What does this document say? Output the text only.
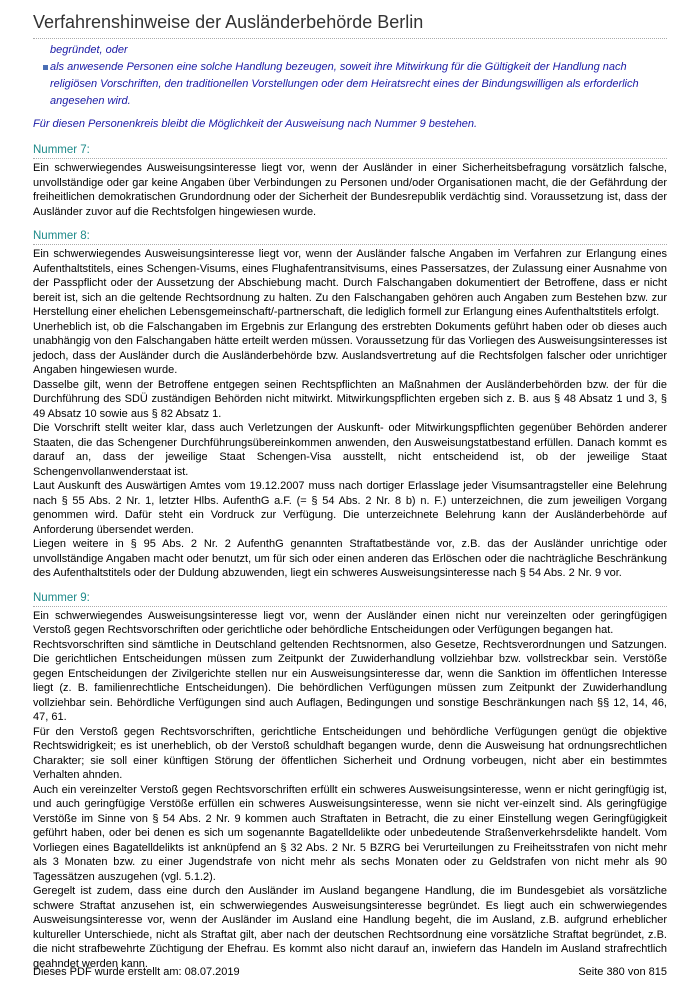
Verfahrenshinweise der Ausländerbehörde Berlin
begründet, oder
als anwesende Personen eine solche Handlung bezeugen, soweit ihre Mitwirkung für die Gültigkeit der Handlung nach religiösen Vorschriften, den traditionellen Vorstellungen oder dem Heiratsrecht eines der Bindungswilligen als erforderlich angesehen wird.
Für diesen Personenkreis bleibt die Möglichkeit der Ausweisung nach Nummer 9 bestehen.
Nummer 7:
Ein schwerwiegendes Ausweisungsinteresse liegt vor, wenn der Ausländer in einer Sicherheitsbefragung vorsätzlich falsche, unvollständige oder gar keine Angaben über Verbindungen zu Personen und/oder Organisationen macht, die der Gefährdung der freiheitlichen demokratischen Grundordnung oder der Sicherheit der Bundesrepublik verdächtig sind. Voraussetzung ist, dass der Ausländer zuvor auf die Rechtsfolgen hingewiesen wurde.
Nummer 8:
Ein schwerwiegendes Ausweisungsinteresse liegt vor, wenn der Ausländer falsche Angaben im Verfahren zur Erlangung eines Aufenthaltstitels, eines Schengen-Visums, eines Flughafentransitvisums, eines Passersatzes, der Zulassung einer Ausnahme von der Passpflicht oder der Aussetzung der Abschiebung macht. Durch Falschangaben dokumentiert der Betroffene, dass er nicht bereit ist, sich an die geltende Rechtsordnung zu halten. Zu den Falschangaben gehören auch Angaben zum Bestehen bzw. zur Herstellung einer ehelichen Lebensgemeinschaft/-partnerschaft, die lediglich formell zur Erlangung eines Aufenthaltstitels erfolgt.
Unerheblich ist, ob die Falschangaben im Ergebnis zur Erlangung des erstrebten Dokuments geführt haben oder ob dieses auch unabhängig von den Falschangaben hätte erteilt werden müssen. Voraussetzung für das Vorliegen des Ausweisungsinteresses ist jedoch, dass der Ausländer durch die Ausländerbehörde bzw. Auslandsvertretung auf die Rechtsfolgen falscher oder unrichtiger Angaben hingewiesen wurde.
Dasselbe gilt, wenn der Betroffene entgegen seinen Rechtspflichten an Maßnahmen der Ausländerbehörden bzw. der für die Durchführung des SDÜ zuständigen Behörden nicht mitwirkt. Mitwirkungspflichten ergeben sich z. B. aus § 48 Absatz 1 und 3, § 49 Absatz 10 sowie aus § 82 Absatz 1.
Die Vorschrift stellt weiter klar, dass auch Verletzungen der Auskunft- oder Mitwirkungspflichten gegenüber Behörden anderer Staaten, die das Schengener Durchführungsübereinkommen anwenden, den Ausweisungstatbestand erfüllen. Danach kommt es darauf an, dass der jeweilige Staat Schengen-Visa ausstellt, nicht entscheidend ist, ob der jeweilige Staat Schengenvollanwenderstaat ist.
Laut Auskunft des Auswärtigen Amtes vom 19.12.2007 muss nach dortiger Erlasslage jeder Visumsantragsteller eine Belehrung nach § 55 Abs. 2 Nr. 1, letzter Hlbs. AufenthG a.F. (= § 54 Abs. 2 Nr. 8 b) n. F.) unterzeichnen, die zum jeweiligen Vorgang genommen wird. Dafür steht ein Vordruck zur Verfügung. Die unterzeichnete Belehrung kann der Ausländerbehörde auf Anforderung übersendet werden.
Liegen weitere in § 95 Abs. 2 Nr. 2 AufenthG genannten Straftatbestände vor, z.B. das der Ausländer unrichtige oder unvollständige Angaben macht oder benutzt, um für sich oder einen anderen das Erlöschen oder die nachträgliche Beschränkung des Aufenthaltstitels oder der Duldung abzuwenden, liegt ein schweres Ausweisungsinteresse nach § 54 Abs. 2 Nr. 9 vor.
Nummer 9:
Ein schwerwiegendes Ausweisungsinteresse liegt vor, wenn der Ausländer einen nicht nur vereinzelten oder geringfügigen Verstoß gegen Rechtsvorschriften oder gerichtliche oder behördliche Entscheidungen oder Verfügungen begangen hat.
Rechtsvorschriften sind sämtliche in Deutschland geltenden Rechtsnormen, also Gesetze, Rechtsverordnungen und Satzungen. Die gerichtlichen Entscheidungen müssen zum Zeitpunkt der Zuwiderhandlung vollziehbar bzw. vollstreckbar sein. Verstöße gegen Entscheidungen der Zivilgerichte stellen nur ein Ausweisungsinteresse dar, wenn die Sanktion im öffentlichen Interesse liegt (z. B. familienrechtliche Entscheidungen). Die behördlichen Verfügungen müssen zum Zeitpunkt der Zuwiderhandlung vollziehbar sein. Behördliche Verfügungen sind auch Auflagen, Bedingungen und sonstige Beschränkungen nach §§ 12, 14, 46, 47, 61.
Für den Verstoß gegen Rechtsvorschriften, gerichtliche Entscheidungen und behördliche Verfügungen genügt die objektive Rechtswidrigkeit; es ist unerheblich, ob der Verstoß schuldhaft begangen wurde, denn die Ausweisung hat ordnungsrechtlichen Charakter; sie soll einer künftigen Störung der öffentlichen Sicherheit und Ordnung vorbeugen, nicht aber ein bestimmtes Verhalten ahnden.
Auch ein vereinzelter Verstoß gegen Rechtsvorschriften erfüllt ein schweres Ausweisungsinteresse, wenn er nicht geringfügig ist, und auch geringfügige Verstöße erfüllen ein schweres Ausweisungsinteresse, wenn sie nicht ver-einzelt sind. Als geringfügige Verstöße im Sinne von § 54 Abs. 2 Nr. 9 kommen auch Straftaten in Betracht, die zu einer Einstellung wegen Geringfügigkeit geführt haben, oder bei denen es sich um sogenannte Bagatelldelikte oder unbedeutende Straßenverkehrsdelikte handelt. Vom Vorliegen eines Bagatelldelikts ist anknüpfend an § 32 Abs. 2 Nr. 5 BZRG bei Verurteilungen zu Freiheitsstrafen von nicht mehr als 3 Monaten bzw. zu einer Jugendstrafe von nicht mehr als sechs Monaten oder zu Geldstrafen von nicht mehr als 90 Tagessätzen auszugehen (vgl. 5.1.2).
Geregelt ist zudem, dass eine durch den Ausländer im Ausland begangene Handlung, die im Bundesgebiet als vorsätzliche schwere Straftat anzusehen ist, ein schwerwiegendes Ausweisungsinteresse begründet. Es liegt auch ein schwerwiegendes Ausweisungsinteresse vor, wenn der Ausländer im Ausland eine Handlung begeht, die im Ausland, z.B. aufgrund erheblicher kultureller Unterschiede, nicht als Straftat gilt, aber nach der deutschen Rechtsordnung eine vorsätzliche Straftat begründet, z.B. die nicht strafbewehrte Züchtigung der Ehefrau. Es kommt also nicht darauf an, inwiefern das Handeln im Ausland strafrechtlich geahndet werden kann.
Dieses PDF wurde erstellt am: 08.07.2019	Seite 380 von 815
